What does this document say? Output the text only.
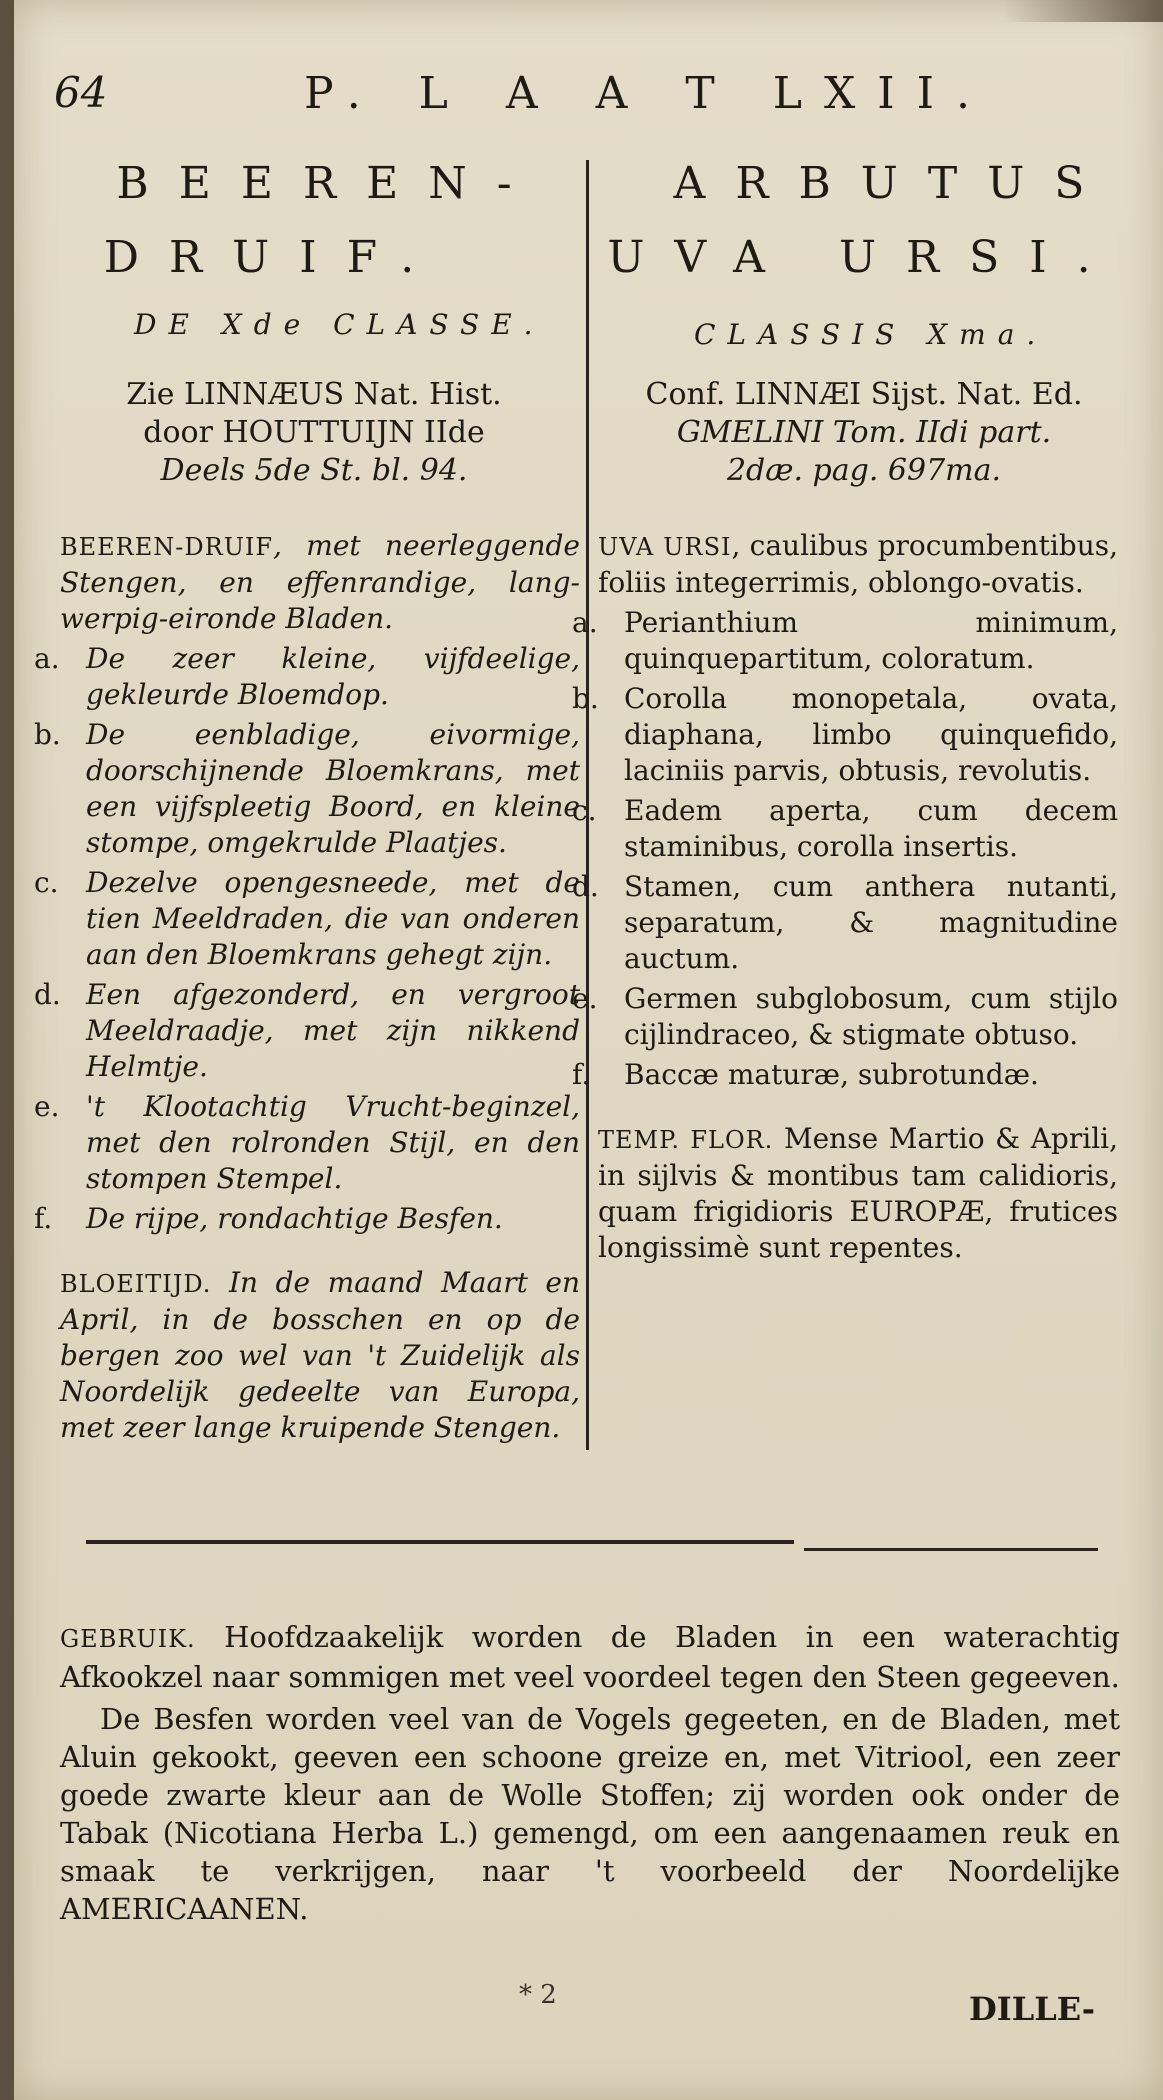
64	P. L A A T LXII.
BEEREN-
DRUIF.
DE Xde CLASSE.
Zie LINNÆUS Nat. Hist.
door HOUTTUIJN IIde
Deels 5de St. bl. 94.
ARBUTUS
UVA URSI.
CLASSIS Xma.
Conf. LINNÆI Sijst. Nat. Ed.
GMELINI Tom. IIdi part.
2dæ. pag. 697ma.
BEEREN-DRUIF, met neerleggende Stengen, en effenrandige, lang-werpig-eironde Bladen.
a. De zeer kleine, vijfdeelige, gekleurde Bloemdop.
b. De eenbladige, eivormige, doorschijnende Bloemkrans, met een vijfspleetig Boord, en kleine stompe, omgekrulde Plaatjes.
c. Dezelve opengesneede, met de tien Meeldraden, die van onderen aan den Bloemkrans gehegt zijn.
d. Een afgezonderd, en vergroot Meeldraadje, met zijn nikkend Helmtje.
e. 't Klootachtig Vrucht-beginzel, met den rolronden Stijl, en den stompen Stempel.
f. De rijpe, rondachtige Besfen.
BLOEITIJD. In de maand Maart en April, in de bosschen en op de bergen zoo wel van 't Zuidelijk als Noordelijk gedeelte van Europa, met zeer lange kruipende Stengen.
UVA URSI, caulibus procumbentibus, foliis integerrimis, oblongo-ovatis.
a. Perianthium minimum, quinquepartitum, coloratum.
b. Corolla monopetala, ovata, diaphana, limbo quinquefido, laciniis parvis, obtusis, revolutis.
c. Eadem aperta, cum decem staminibus, corolla insertis.
d. Stamen, cum anthera nutanti, separatum, & magnitudine auctum.
e. Germen subglobosum, cum stijlo cijlindraceo, & stigmate obtuso.
f. Baccæ maturæ, subrotundæ.
TEMP. FLOR. Mense Martio & Aprili, in sijlvis & montibus tam calidioris, quam frigidioris EUROPÆ, frutices longissimè sunt repentes.

GEBRUIK. Hoofdzaakelijk worden de Bladen in een waterachtig Afkookzel naar sommigen met veel voordeel tegen den Steen gegeeven.

De Besfen worden veel van de Vogels gegeeten, en de Bladen, met Aluin gekookt, geeven een schoone greize en, met Vitriool, een zeer goede zwarte kleur aan de Wolle Stoffen; zij worden ook onder de Tabak (Nicotiana Herba L.) gemengd, om een aangenaamen reuk en smaak te verkrijgen, naar 't voorbeeld der Noordelijke AMERICAANEN.

* 2	DILLE-
